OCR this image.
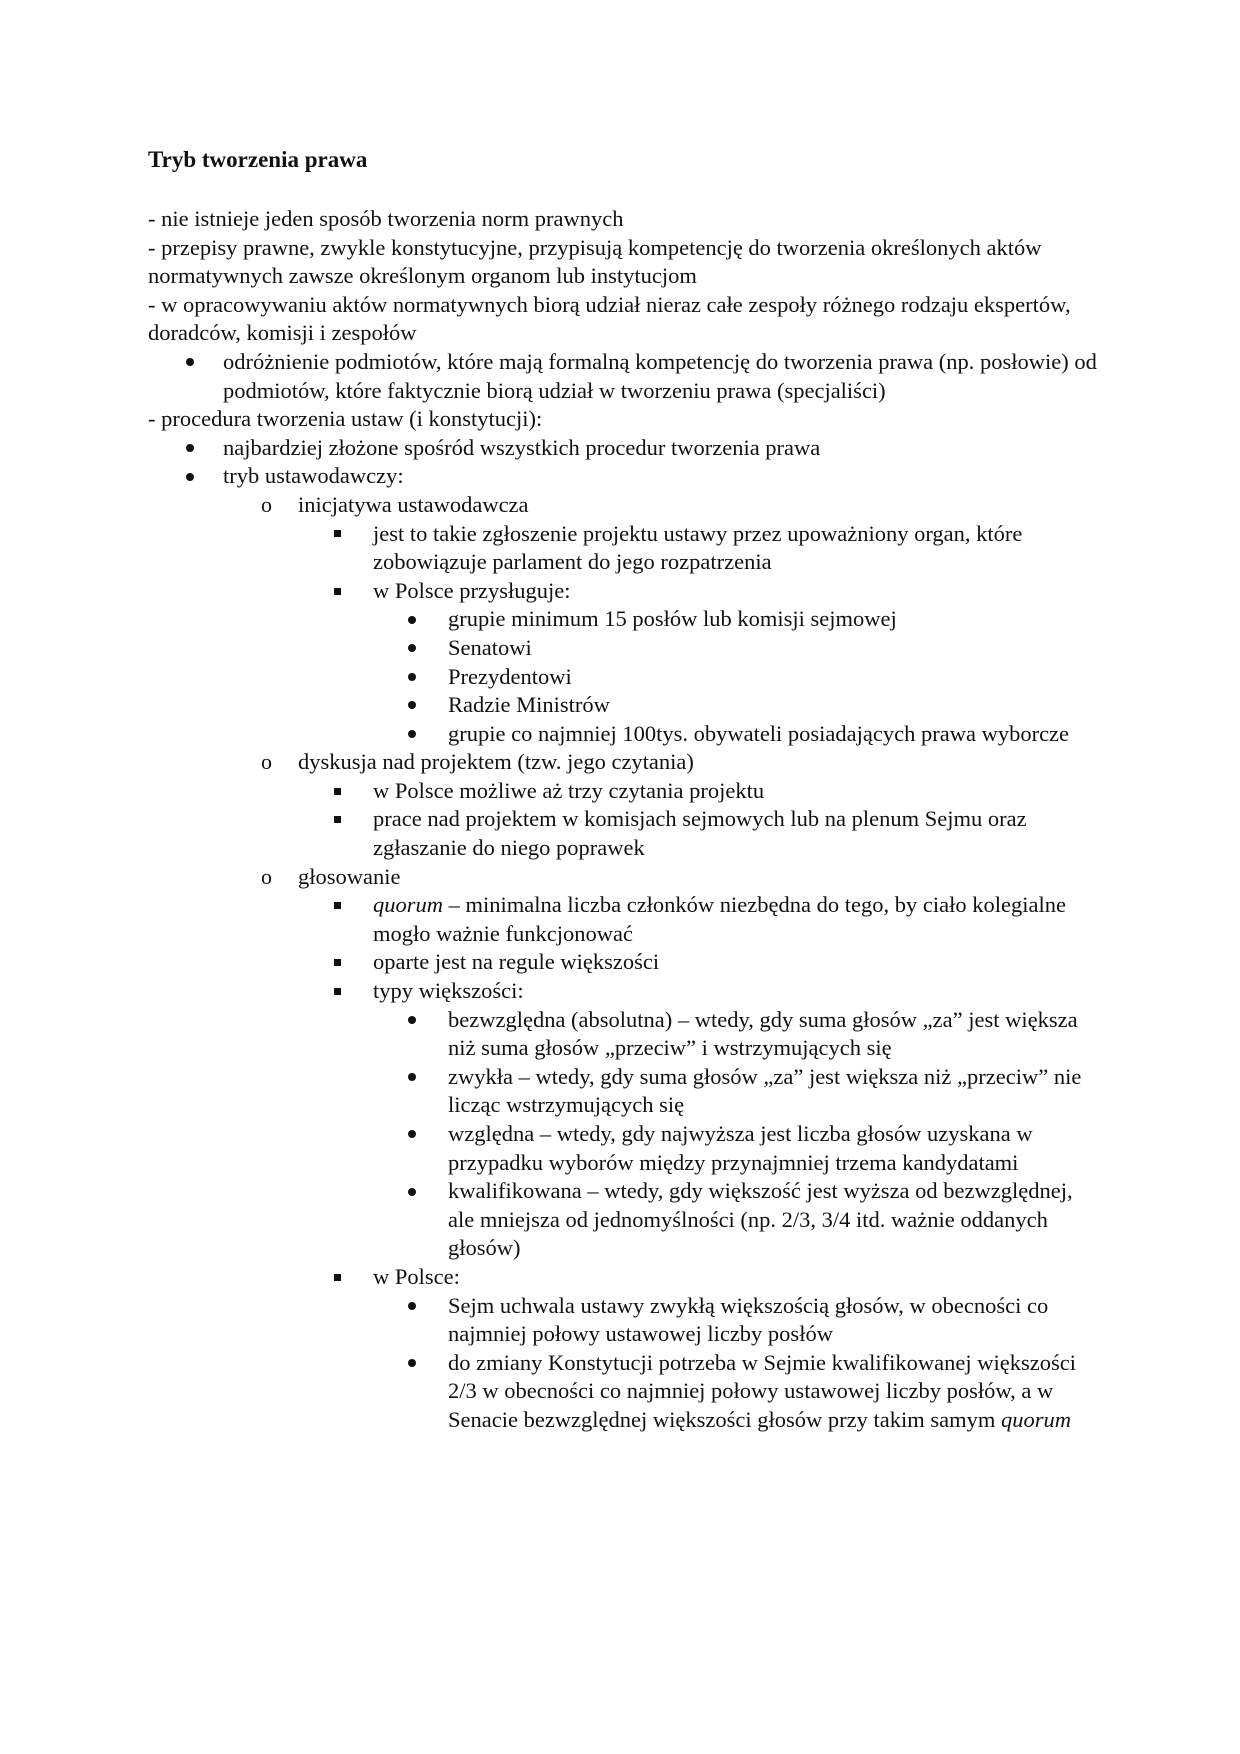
Tryb tworzenia prawa

- nie istnieje jeden sposób tworzenia norm prawnych

- przepisy prawne, zwykle konstytucyjne, przypisują kompetencję do tworzenia określonych aktów normatywnych zawsze określonym organom lub instytucjom

- w opracowywaniu aktów normatywnych biorą udział nieraz całe zespoły różnego rodzaju ekspertów, doradców, komisji i zespołów

odróżnienie podmiotów, które mają formalną kompetencję do tworzenia prawa (np. posłowie) od podmiotów, które faktycznie biorą udział w tworzeniu prawa (specjaliści)

- procedura tworzenia ustaw (i konstytucji):

najbardziej złożone spośród wszystkich procedur tworzenia prawa
tryb ustawodawczy:
o	inicjatywa ustawodawcza
jest to takie zgłoszenie projektu ustawy przez upoważniony organ, które zobowiązuje parlament do jego rozpatrzenia
w Polsce przysługuje:
grupie minimum 15 posłów lub komisji sejmowej
Senatowi
Prezydentowi
Radzie Ministrów
grupie co najmniej 100tys. obywateli posiadających prawa wyborcze
o	dyskusja nad projektem (tzw. jego czytania)
w Polsce możliwe aż trzy czytania projektu
prace nad projektem w komisjach sejmowych lub na plenum Sejmu oraz zgłaszanie do niego poprawek
o	głosowanie
quorum – minimalna liczba członków niezbędna do tego, by ciało kolegialne mogło ważnie funkcjonować
oparte jest na regule większości
typy większości:
bezwzględna (absolutna) – wtedy, gdy suma głosów „za” jest większa niż suma głosów „przeciw” i wstrzymujących się
zwykła – wtedy, gdy suma głosów „za” jest większa niż „przeciw” nie licząc wstrzymujących się
względna – wtedy, gdy najwyższa jest liczba głosów uzyskana w przypadku wyborów między przynajmniej trzema kandydatami
kwalifikowana – wtedy, gdy większość jest wyższa od bezwzględnej, ale mniejsza od jednomyślności (np. 2/3, 3/4 itd. ważnie oddanych głosów)
w Polsce:
Sejm uchwala ustawy zwykłą większością głosów, w obecności co najmniej połowy ustawowej liczby posłów
do zmiany Konstytucji potrzeba w Sejmie kwalifikowanej większości 2/3 w obecności co najmniej połowy ustawowej liczby posłów, a w Senacie bezwzględnej większości głosów przy takim samym quorum
